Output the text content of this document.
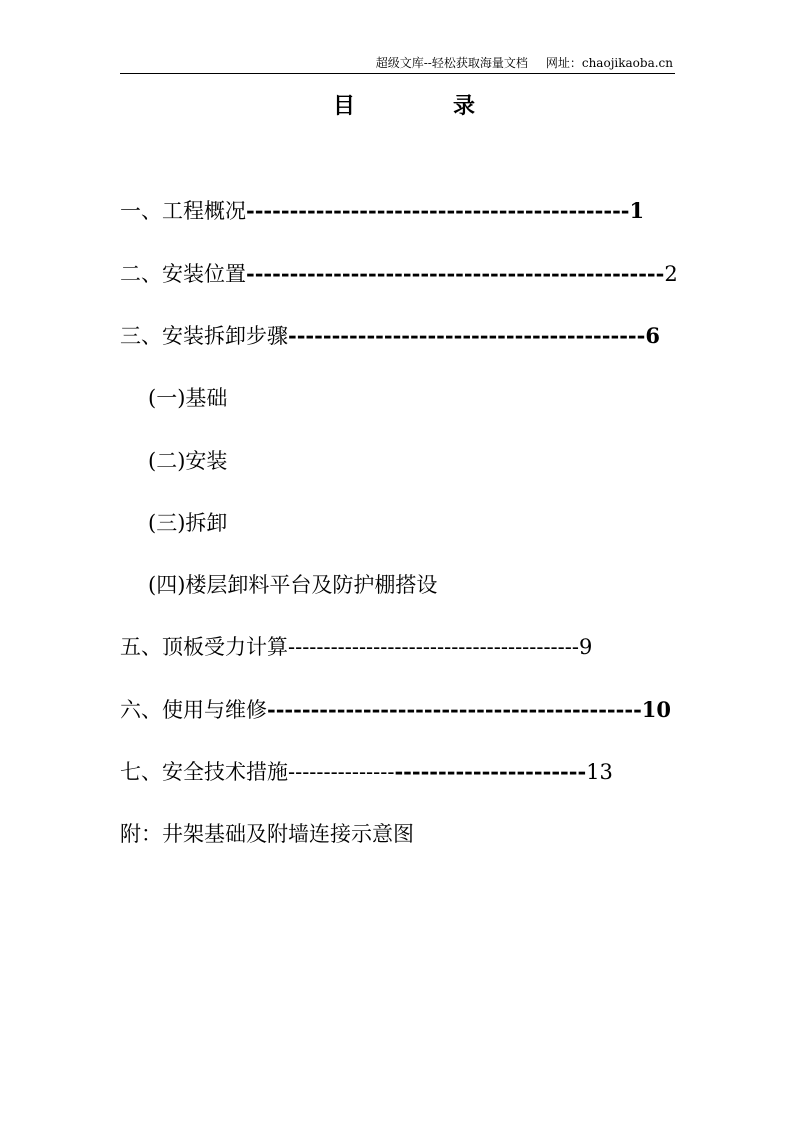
超级文库--轻松获取海量文档 网址：chaojikaoba.cn
目	录
一、工程概况--------------------------------------------1
二、安装位置------------------------------------------------2
三、安装拆卸步骤-----------------------------------------6
(一)基础
(二)安装
(三)拆卸
(四)楼层卸料平台及防护棚搭设
五、顶板受力计算-----------------------------------------9
六、使用与维修-------------------------------------------10
七、安全技术措施-------------------------------------13
附：井架基础及附墙连接示意图
